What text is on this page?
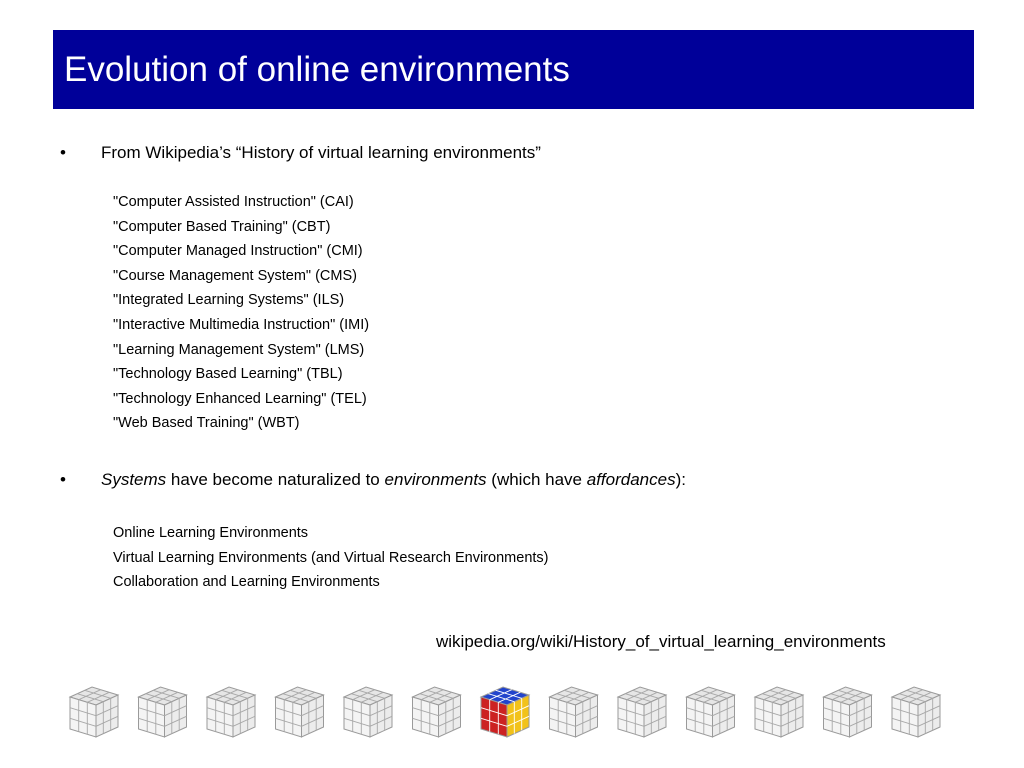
Evolution of online environments
• From Wikipedia’s “History of virtual learning environments”
"Computer Assisted Instruction" (CAI)
"Computer Based Training" (CBT)
"Computer Managed Instruction" (CMI)
"Course Management System" (CMS)
"Integrated Learning Systems" (ILS)
"Interactive Multimedia Instruction" (IMI)
"Learning Management System" (LMS)
"Technology Based Learning" (TBL)
"Technology Enhanced Learning" (TEL)
"Web Based Training" (WBT)
• Systems have become naturalized to environments (which have affordances):
Online Learning Environments
Virtual Learning Environments (and Virtual Research Environments)
Collaboration and Learning Environments
wikipedia.org/wiki/History_of_virtual_learning_environments
